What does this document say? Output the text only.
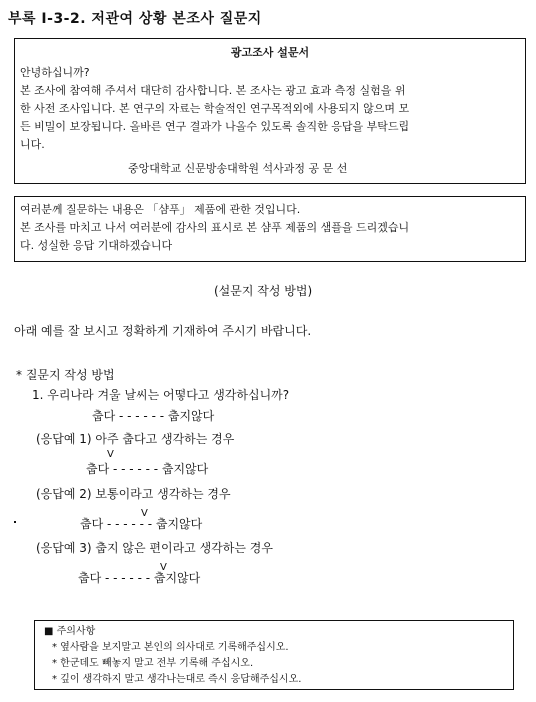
부록 Ⅰ-3-2. 저관여 상황 본조사 질문지
광고조사 설문서
안녕하십니까?
본 조사에 참여해 주셔서 대단히 감사합니다. 본 조사는 광고 효과 측정 실험을 위
한 사전 조사입니다. 본 연구의 자료는 학술적인 연구목적외에 사용되지 않으며 모
든 비밀이 보장됩니다. 올바른 연구 결과가 나올수 있도록 솔직한 응답을 부탁드립
니다.
중앙대학교 신문방송대학원 석사과정 공 문 선
여러분께 질문하는 내용은 「샴푸」 제품에 관한 것입니다.
본 조사를 마치고 나서 여러분에 감사의 표시로 본 샴푸 제품의 샘플을 드리겠습니
다. 성실한 응답 기대하겠습니다
(설문지 작성 방법)
아래 예를 잘 보시고 정확하게 기재하여 주시기 바랍니다.
* 질문지 작성 방법
1. 우리나라 겨울 날씨는 어떻다고 생각하십니까?
춥다 - - - - - - 춥지않다
(응답예 1) 아주 춥다고 생각하는 경우
V
춥다 - - - - - - 춥지않다
(응답예 2) 보통이라고 생각하는 경우
V
춥다 - - - - - - 춥지않다
(응답예 3) 춥지 않은 편이라고 생각하는 경우
V
춥다 - - - - - - 춥지않다
■ 주의사항
* 옆사람을 보지말고 본인의 의사대로 기록해주십시오.
* 한군데도 빼놓지 말고 전부 기록해 주십시오.
* 깊이 생각하지 말고 생각나는대로 즉시 응답해주십시오.
